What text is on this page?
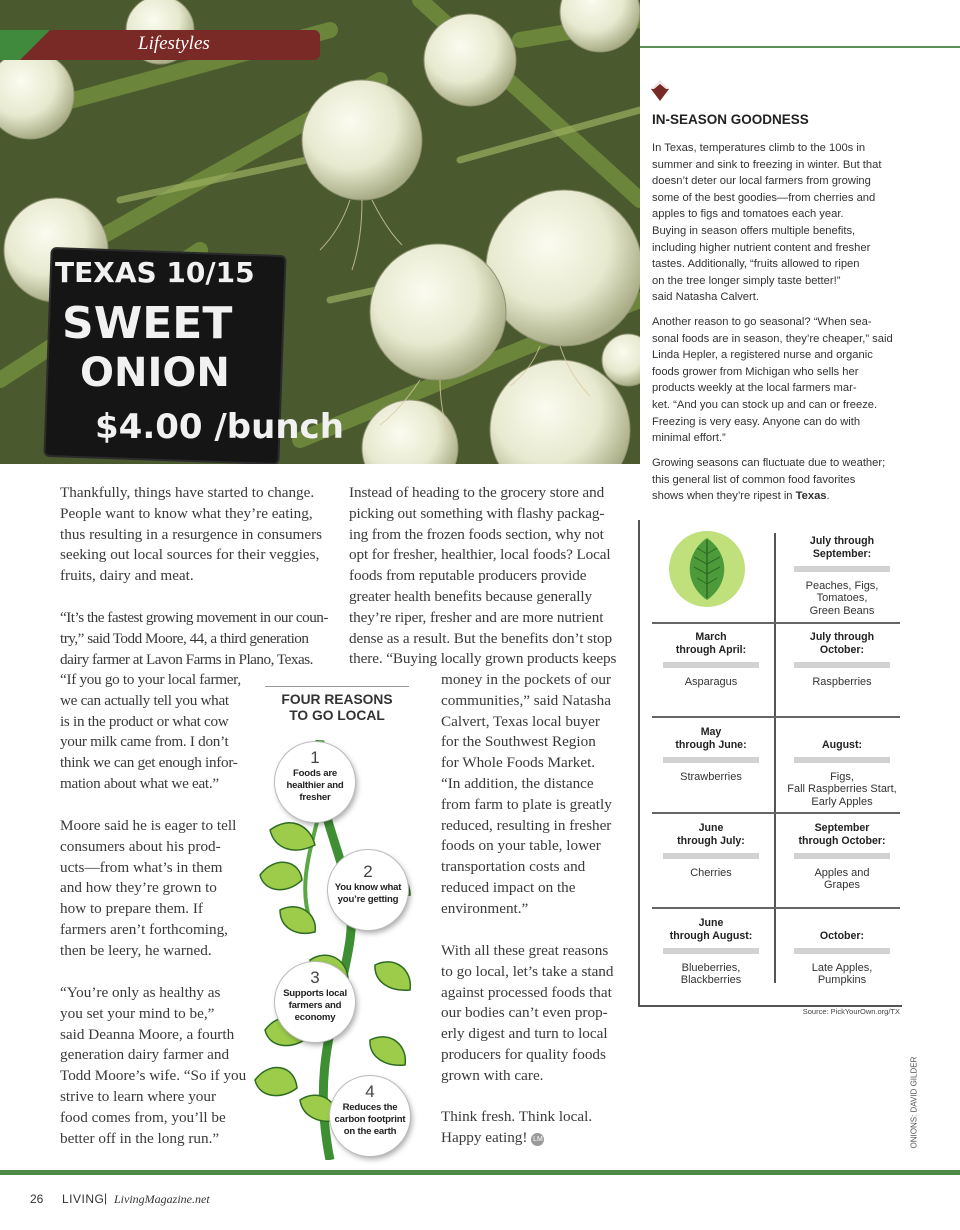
TEXAS 10/15
SWEET
ONION
$4.00 /bunch
Lifestyles
IN-SEASON GOODNESS

In Texas, temperatures climb to the 100s in
summer and sink to freezing in winter. But that
doesn’t deter our local farmers from growing
some of the best goodies—from cherries and
apples to figs and tomatoes each year.
Buying in season offers multiple benefits,
including higher nutrient content and fresher
tastes. Additionally, “fruits allowed to ripen
on the tree longer simply taste better!”
said Natasha Calvert.

Another reason to go seasonal? “When sea-
sonal foods are in season, they’re cheaper,” said
Linda Hepler, a registered nurse and organic
foods grower from Michigan who sells her
products weekly at the local farmers mar-
ket. “And you can stock up and can or freeze.
Freezing is very easy. Anyone can do with
minimal effort.”

Growing seasons can fluctuate due to weather;
this general list of common food favorites
shows when they’re ripest in Texas.

July through
September:
Peaches, Figs,
Tomatoes,
Green Beans
March
through April:
Asparagus
July through
October:
Raspberries
May
through June:
Strawberries
August:
Figs,
Fall Raspberries Start,
Early Apples
June
through July:
Cherries
September
through October:
Apples and
Grapes
June
through August:
Blueberries,
Blackberries
October:
Late Apples,
Pumpkins
Source: PickYourOwn.org/TX

Thankfully, things have started to change.
People want to know what they’re eating,
thus resulting in a resurgence in consumers
seeking out local sources for their veggies,
fruits, dairy and meat.

“It’s the fastest growing movement in our coun-
try,” said Todd Moore, 44, a third generation
dairy farmer at Lavon Farms in Plano, Texas.

“If you go to your local farmer,
we can actually tell you what
is in the product or what cow
your milk came from. I don’t
think we can get enough infor-
mation about what we eat.”

Moore said he is eager to tell
consumers about his prod-
ucts—from what’s in them
and how they’re grown to
how to prepare them. If
farmers aren’t forthcoming,
then be leery, he warned.

“You’re only as healthy as
you set your mind to be,”
said Deanna Moore, a fourth
generation dairy farmer and
Todd Moore’s wife. “So if you
strive to learn where your
food comes from, you’ll be
better off in the long run.”

Instead of heading to the grocery store and
picking out something with flashy packag-
ing from the frozen foods section, why not
opt for fresher, healthier, local foods? Local
foods from reputable producers provide
greater health benefits because generally
they’re riper, fresher and are more nutrient
dense as a result. But the benefits don’t stop
there. “Buying locally grown products keeps

money in the pockets of our
communities,” said Natasha
Calvert, Texas local buyer
for the Southwest Region
for Whole Foods Market.
“In addition, the distance
from farm to plate is greatly
reduced, resulting in fresher
foods on your table, lower
transportation costs and
reduced impact on the
environment.”

With all these great reasons
to go local, let’s take a stand
against processed foods that
our bodies can’t even prop-
erly digest and turn to local
producers for quality foods
grown with care.

Think fresh. Think local.
Happy eating! LM

FOUR REASONS
TO GO LOCAL
1
Foods are
healthier and
fresher
2
You know what
you’re getting
3
Supports local
farmers and
economy
4
Reduces the
carbon footprint
on the earth	ONIONS: DAVID GILDER
26 LIVING | LivingMagazine.net
